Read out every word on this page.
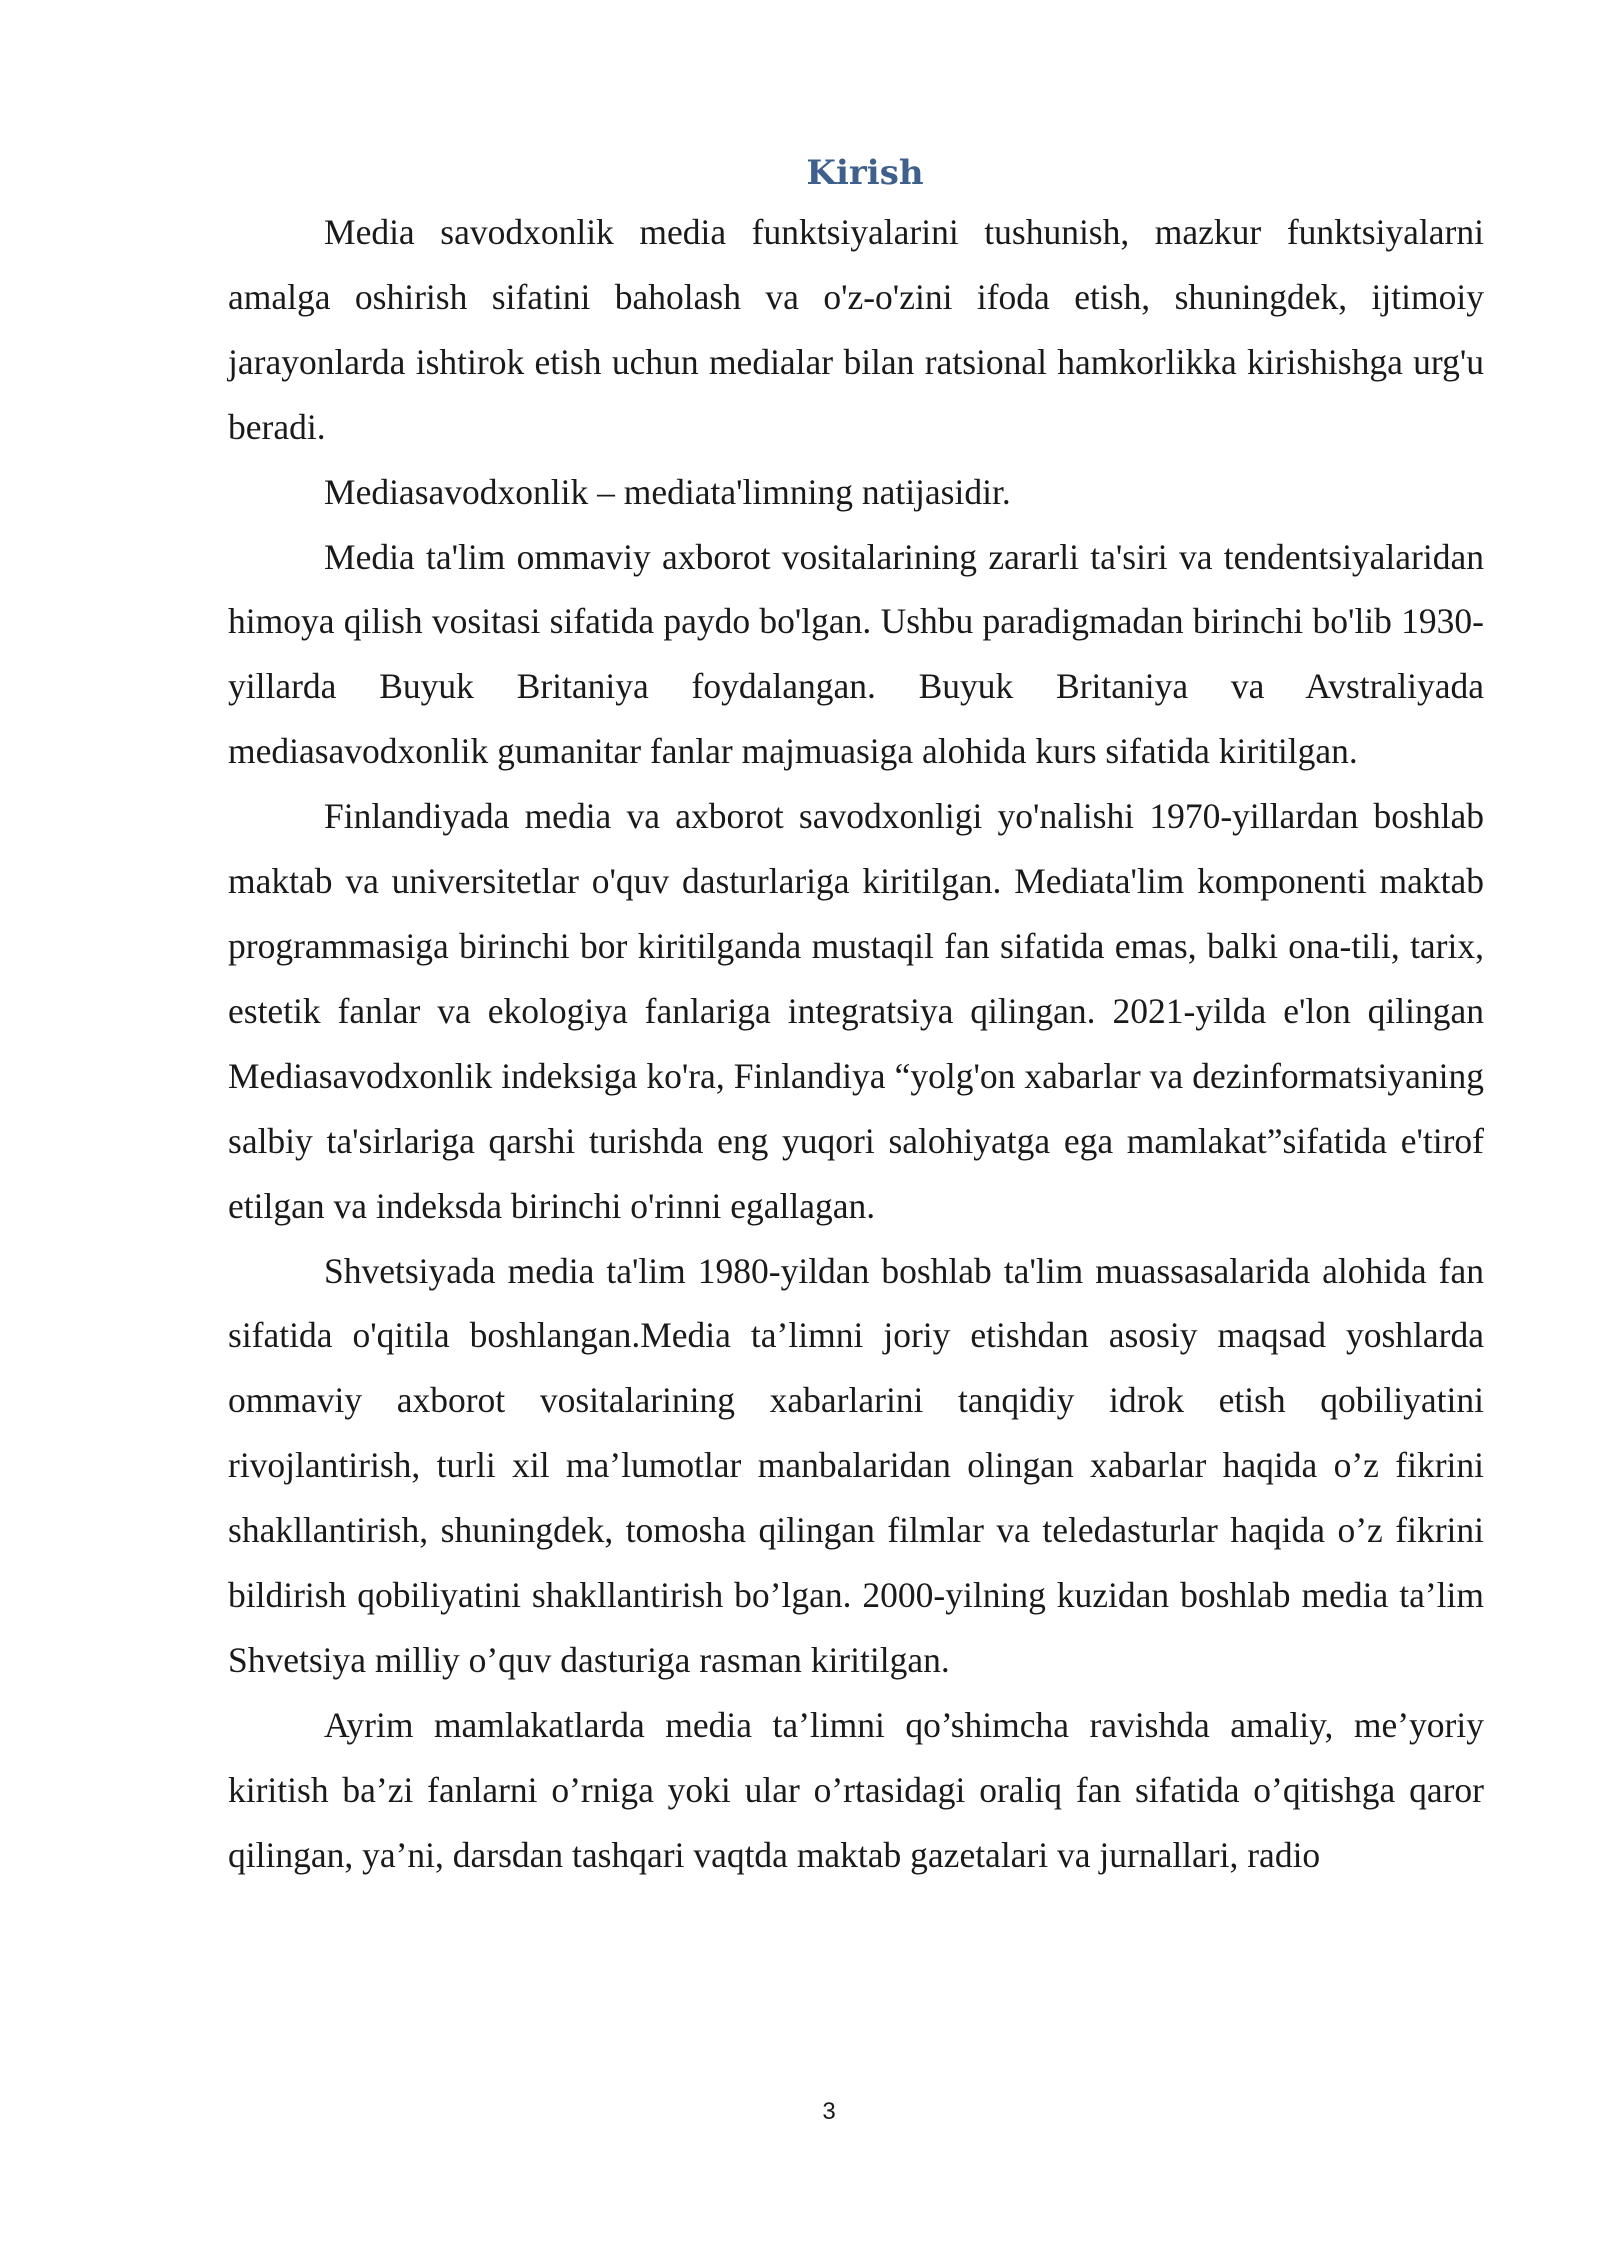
Kirish

Media savodxonlik media funktsiyalarini tushunish, mazkur funktsiyalarni amalga oshirish sifatini baholash va o'z-o'zini ifoda etish, shuningdek, ijtimoiy jarayonlarda ishtirok etish uchun medialar bilan ratsional hamkorlikka kirishishga urg'u beradi.

Mediasavodxonlik – mediata'limning natijasidir.

Media ta'lim ommaviy axborot vositalarining zararli ta'siri va tendentsiyalaridan himoya qilish vositasi sifatida paydo bo'lgan. Ushbu paradigmadan birinchi bo'lib 1930-yillarda Buyuk Britaniya foydalangan. Buyuk Britaniya va Avstraliyada mediasavodxonlik gumanitar fanlar majmuasiga alohida kurs sifatida kiritilgan.

Finlandiyada media va axborot savodxonligi yo'nalishi 1970-yillardan boshlab maktab va universitetlar o'quv dasturlariga kiritilgan. Mediata'lim komponenti maktab programmasiga birinchi bor kiritilganda mustaqil fan sifatida emas, balki ona-tili, tarix, estetik fanlar va ekologiya fanlariga integratsiya qilingan. 2021-yilda e'lon qilingan Mediasavodxonlik indeksiga ko'ra, Finlandiya “yolg'on xabarlar va dezinformatsiyaning salbiy ta'sirlariga qarshi turishda eng yuqori salohiyatga ega mamlakat”sifatida e'tirof etilgan va indeksda birinchi o'rinni egallagan.

Shvetsiyada media ta'lim 1980-yildan boshlab ta'lim muassasalarida alohida fan sifatida o'qitila boshlangan.Media ta’limni joriy etishdan asosiy maqsad yoshlarda ommaviy axborot vositalarining xabarlarini tanqidiy idrok etish qobiliyatini rivojlantirish, turli xil ma’lumotlar manbalaridan olingan xabarlar haqida o’z fikrini shakllantirish, shuningdek, tomosha qilingan filmlar va teledasturlar haqida o’z fikrini bildirish qobiliyatini shakllantirish bo’lgan. 2000-yilning kuzidan boshlab media ta’lim Shvetsiya milliy o’quv dasturiga rasman kiritilgan.

Ayrim mamlakatlarda media ta’limni qo’shimcha ravishda amaliy, me’yoriy kiritish ba’zi fanlarni o’rniga yoki ular o’rtasidagi oraliq fan sifatida o’qitishga qaror qilingan, ya’ni, darsdan tashqari vaqtda maktab gazetalari va jurnallari, radio

3
